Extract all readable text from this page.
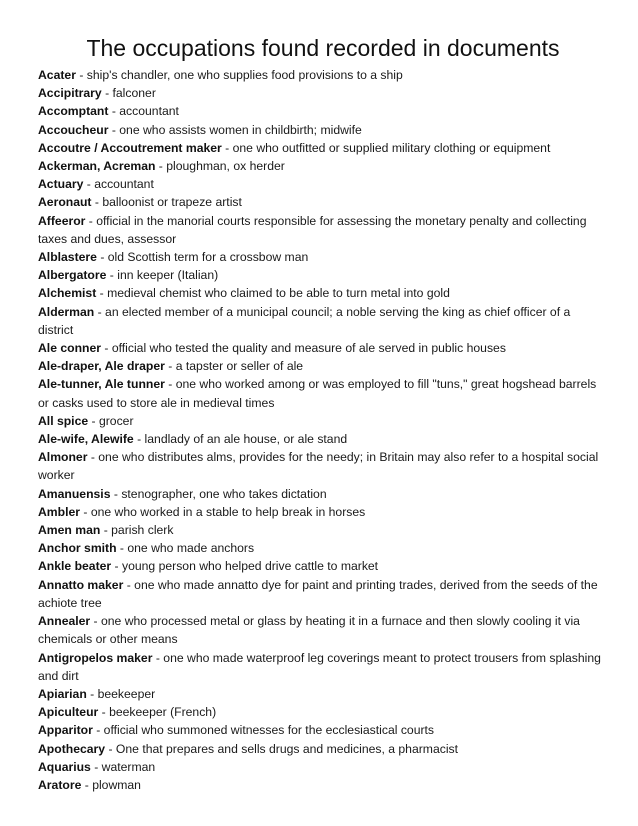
The occupations found recorded in documents
Acater - ship's chandler, one who supplies food provisions to a ship
Accipitrary - falconer
Accomptant - accountant
Accoucheur - one who assists women in childbirth; midwife
Accoutre / Accoutrement maker - one who outfitted or supplied military clothing or equipment
Ackerman, Acreman - ploughman, ox herder
Actuary - accountant
Aeronaut - balloonist or trapeze artist
Affeeror - official in the manorial courts responsible for assessing the monetary penalty and collecting taxes and dues, assessor
Alblastere - old Scottish term for a crossbow man
Albergatore - inn keeper (Italian)
Alchemist - medieval chemist who claimed to be able to turn metal into gold
Alderman - an elected member of a municipal council; a noble serving the king as chief officer of a district
Ale conner - official who tested the quality and measure of ale served in public houses
Ale-draper, Ale draper - a tapster or seller of ale
Ale-tunner, Ale tunner - one who worked among or was employed to fill "tuns," great hogshead barrels or casks used to store ale in medieval times
All spice - grocer
Ale-wife, Alewife - landlady of an ale house, or ale stand
Almoner - one who distributes alms, provides for the needy; in Britain may also refer to a hospital social worker
Amanuensis - stenographer, one who takes dictation
Ambler - one who worked in a stable to help break in horses
Amen man - parish clerk
Anchor smith - one who made anchors
Ankle beater - young person who helped drive cattle to market
Annatto maker - one who made annatto dye for paint and printing trades, derived from the seeds of the achiote tree
Annealer - one who processed metal or glass by heating it in a furnace and then slowly cooling it via chemicals or other means
Antigropelos maker - one who made waterproof leg coverings meant to protect trousers from splashing and dirt
Apiarian - beekeeper
Apiculteur - beekeeper (French)
Apparitor - official who summoned witnesses for the ecclesiastical courts
Apothecary - One that prepares and sells drugs and medicines, a pharmacist
Aquarius - waterman
Aratore - plowman
